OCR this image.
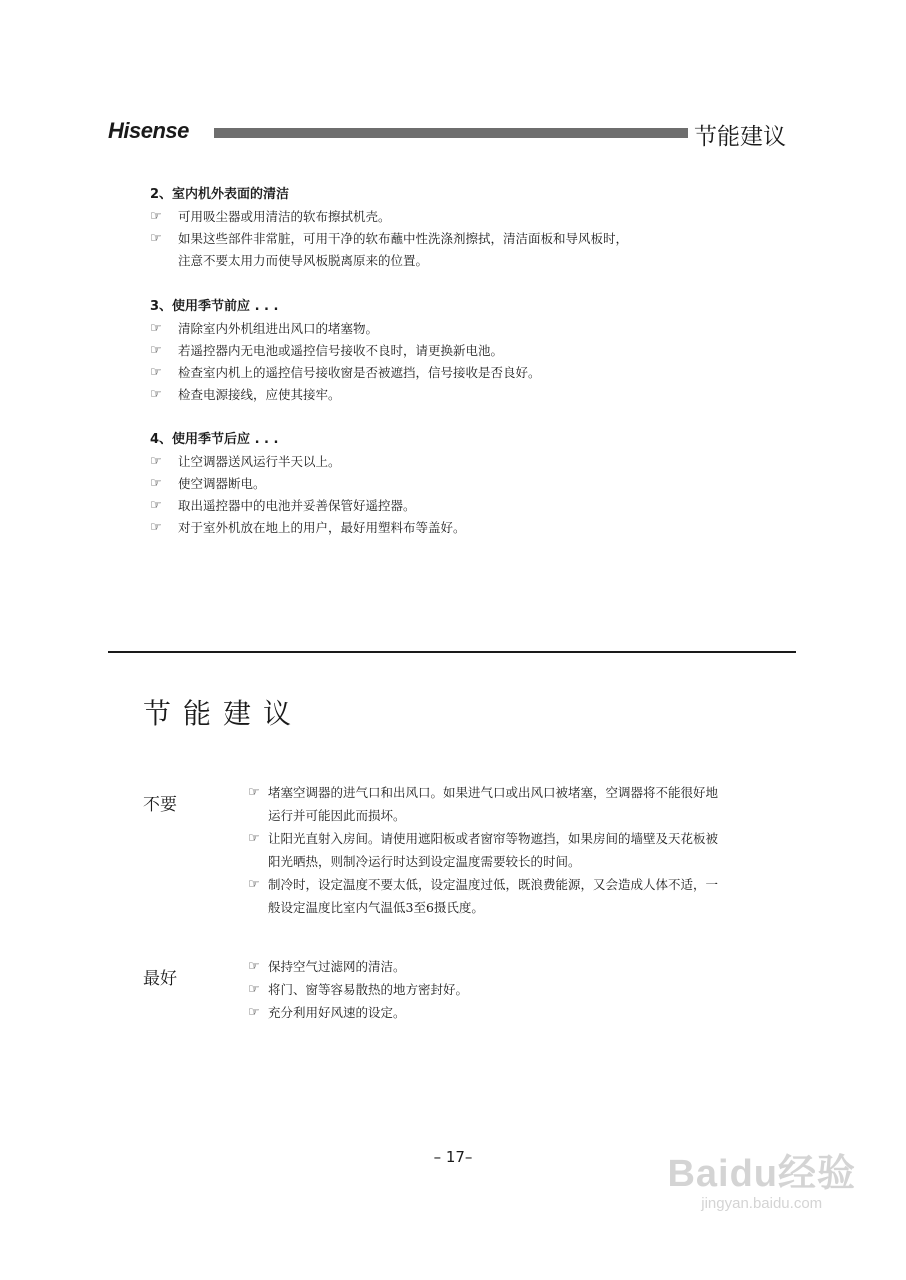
Hisense	节能建议
2、室内机外表面的清洁
☞ 可用吸尘器或用清洁的软布擦拭机壳。
☞ 如果这些部件非常脏，可用干净的软布蘸中性洗涤剂擦拭，清洁面板和导风板时，
注意不要太用力而使导风板脱离原来的位置。
3、使用季节前应 . . .
☞ 清除室内外机组进出风口的堵塞物。
☞ 若遥控器内无电池或遥控信号接收不良时，请更换新电池。
☞ 检查室内机上的遥控信号接收窗是否被遮挡，信号接收是否良好。
☞ 检查电源接线，应使其接牢。
4、使用季节后应 . . .
☞ 让空调器送风运行半天以上。
☞ 使空调器断电。
☞ 取出遥控器中的电池并妥善保管好遥控器。
☞ 对于室外机放在地上的用户，最好用塑料布等盖好。
节能建议
不要
☞ 堵塞空调器的进气口和出风口。如果进气口或出风口被堵塞，空调器将不能很好地
运行并可能因此而损坏。
☞ 让阳光直射入房间。请使用遮阳板或者窗帘等物遮挡，如果房间的墙壁及天花板被
阳光晒热，则制冷运行时达到设定温度需要较长的时间。
☞ 制冷时，设定温度不要太低，设定温度过低，既浪费能源，又会造成人体不适，一
般设定温度比室内气温低3至6摄氏度。
最好
☞ 保持空气过滤网的清洁。
☞ 将门、窗等容易散热的地方密封好。
☞ 充分利用好风速的设定。
– 17–	Baidu经验
jingyan.baidu.com
